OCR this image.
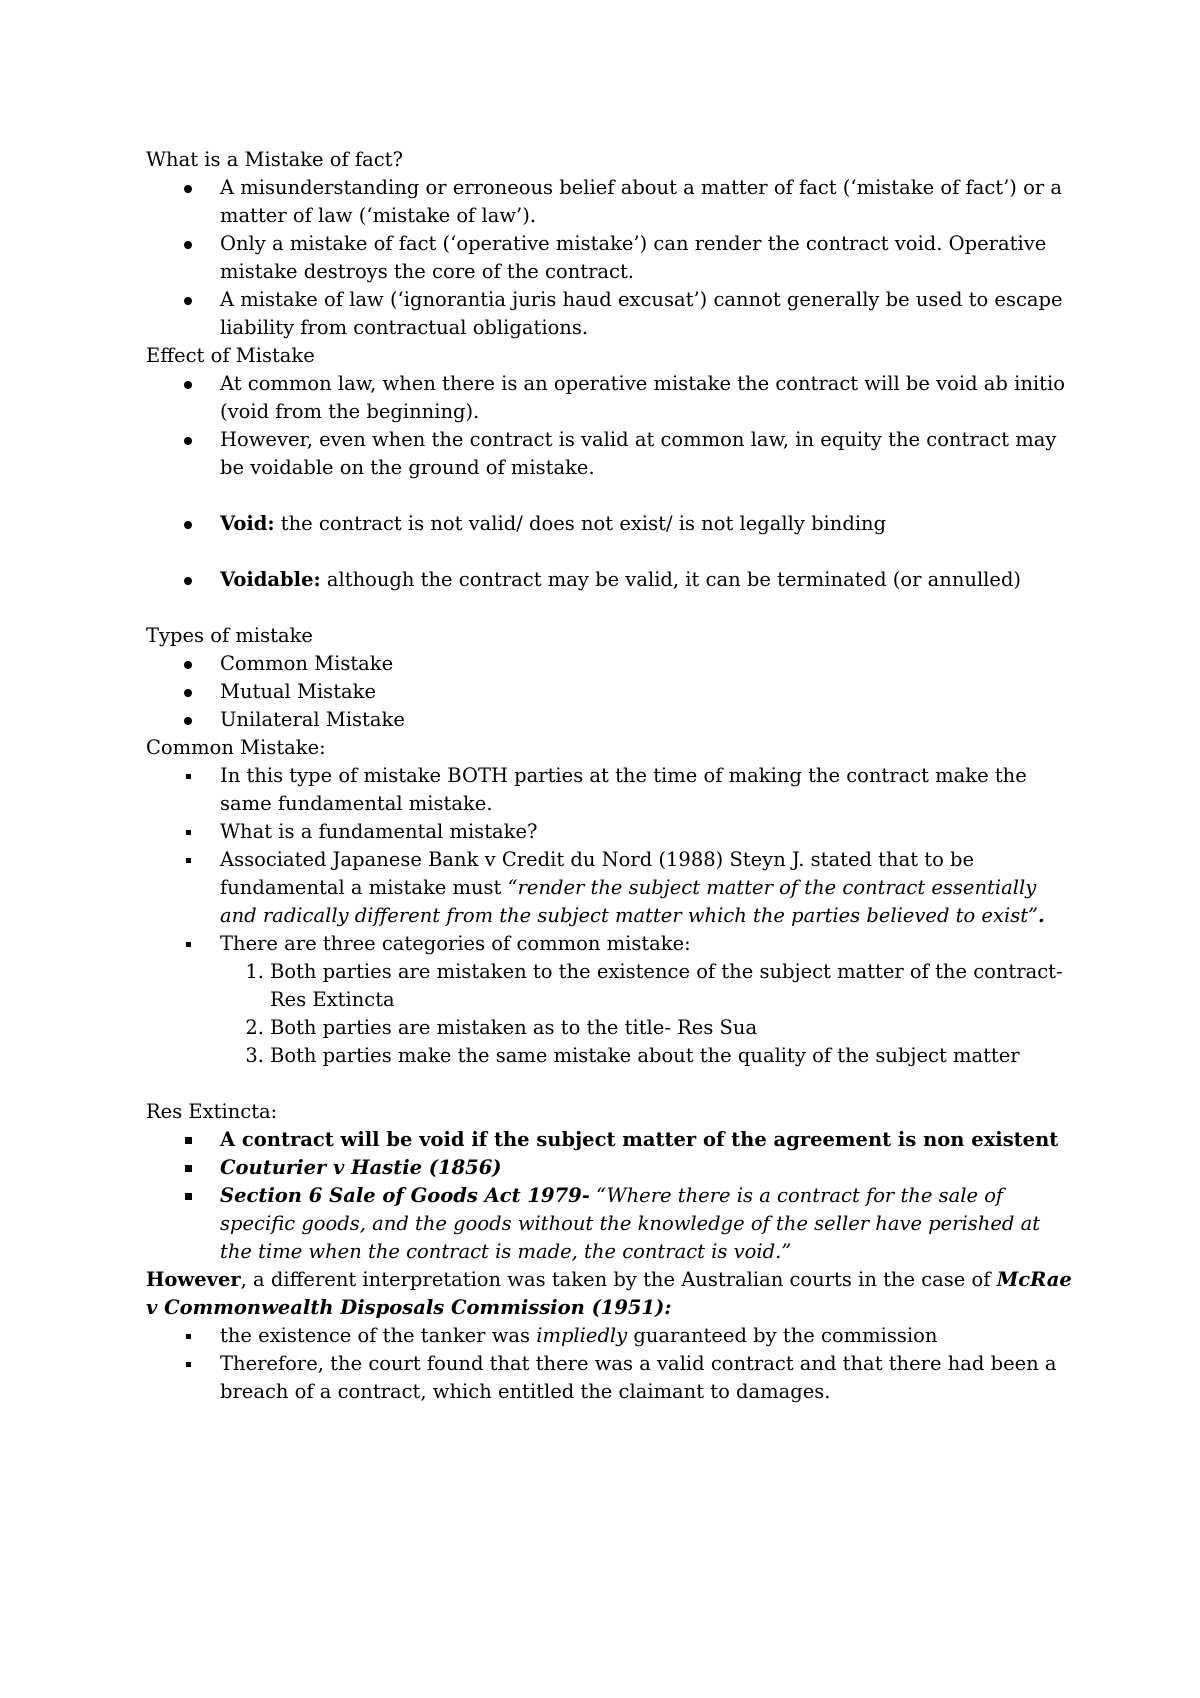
What is a Mistake of fact?

A misunderstanding or erroneous belief about a matter of fact (‘mistake of fact’) or a matter of law (‘mistake of law’).
Only a mistake of fact (‘operative mistake’) can render the contract void. Operative mistake destroys the core of the contract.
A mistake of law (‘ignorantia juris haud excusat’) cannot generally be used to escape liability from contractual obligations.

Effect of Mistake

At common law, when there is an operative mistake the contract will be void ab initio (void from the beginning).
However, even when the contract is valid at common law, in equity the contract may be voidable on the ground of mistake.
Void: the contract is not valid/ does not exist/ is not legally binding
Voidable: although the contract may be valid, it can be terminated (or annulled)

Types of mistake

Common Mistake
Mutual Mistake
Unilateral Mistake

Common Mistake:

In this type of mistake BOTH parties at the time of making the contract make the same fundamental mistake.
What is a fundamental mistake?
Associated Japanese Bank v Credit du Nord (1988) Steyn J. stated that to be fundamental a mistake must “render the subject matter of the contract essentially and radically different from the subject matter which the parties believed to exist”.
There are three categories of common mistake:
1. Both parties are mistaken to the existence of the subject matter of the contract- Res Extincta
2. Both parties are mistaken as to the title- Res Sua
3. Both parties make the same mistake about the quality of the subject matter

Res Extincta:

A contract will be void if the subject matter of the agreement is non existent
Couturier v Hastie (1856)
Section 6 Sale of Goods Act 1979- “Where there is a contract for the sale of specific goods, and the goods without the knowledge of the seller have perished at the time when the contract is made, the contract is void.”

However, a different interpretation was taken by the Australian courts in the case of McRae v Commonwealth Disposals Commission (1951):

the existence of the tanker was impliedly guaranteed by the commission
Therefore, the court found that there was a valid contract and that there had been a breach of a contract, which entitled the claimant to damages.
